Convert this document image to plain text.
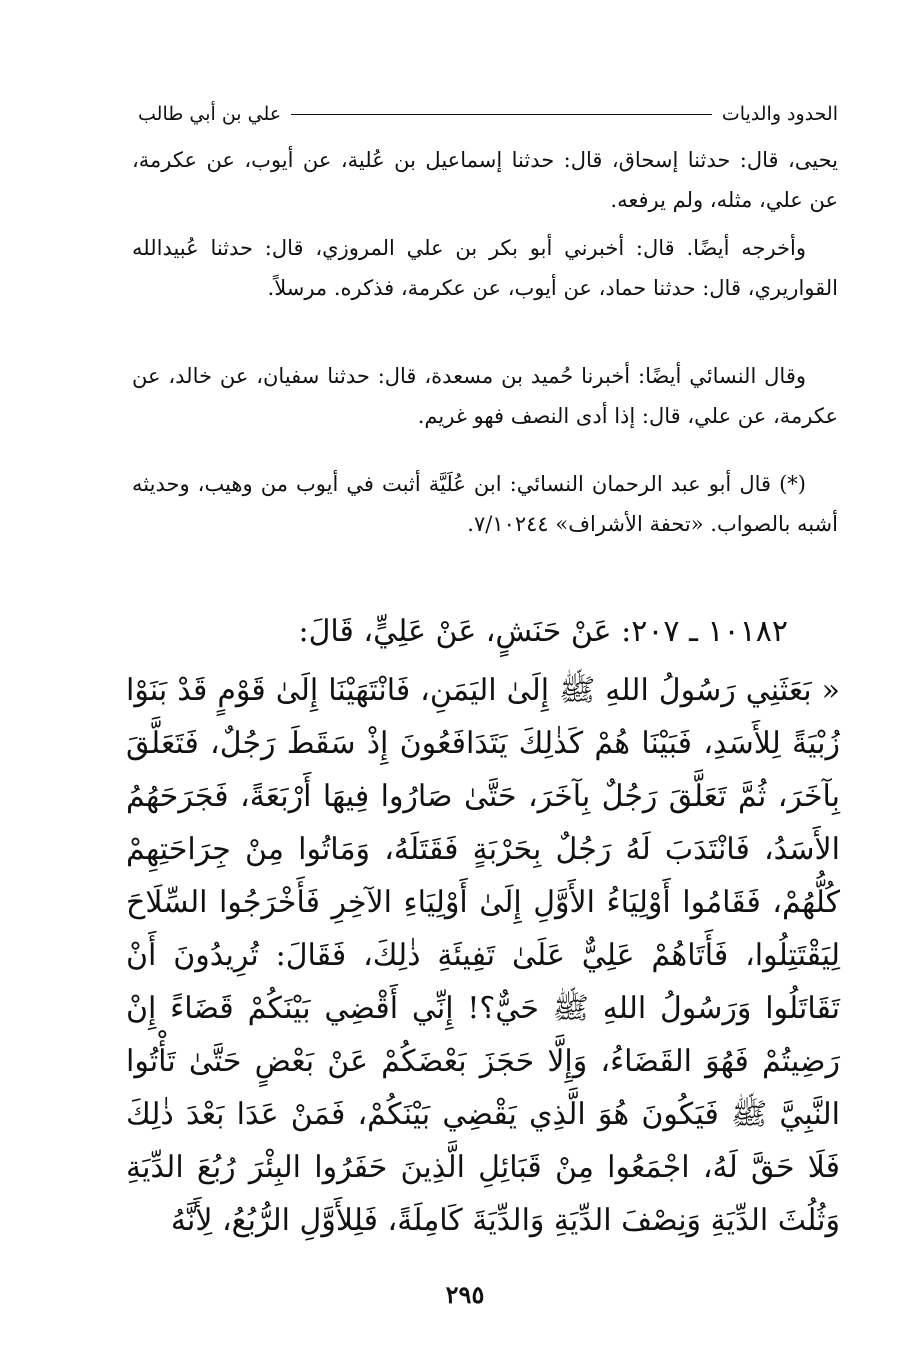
الحدود والديات
علي بن أبي طالب

يحيى، قال: حدثنا إسحاق، قال: حدثنا إسماعيل بن عُلية، عن أيوب، عن عكرمة، عن علي، مثله، ولم يرفعه.

وأخرجه أيضًا. قال: أخبرني أبو بكر بن علي المروزي، قال: حدثنا عُبيدالله القواريري، قال: حدثنا حماد، عن أيوب، عن عكرمة، فذكره. مرسلاً.

وقال النسائي أيضًا: أخبرنا حُميد بن مسعدة، قال: حدثنا سفيان، عن خالد، عن عكرمة، عن علي، قال: إذا أدى النصف فهو غريم.

(*) قال أبو عبد الرحمان النسائي: ابن عُلَيَّة أثبت في أيوب من وهيب، وحديثه أشبه بالصواب. «تحفة الأشراف» ٧/١٠٢٤٤.

١٠١٨٢ ـ ٢٠٧: عَنْ حَنَشٍ، عَنْ عَلِيٍّ، قَالَ:

« بَعَثَنِي رَسُولُ اللهِ ﷺ إِلَىٰ اليَمَنِ، فَانْتَهَيْنَا إِلَىٰ قَوْمٍ قَدْ بَنَوْا زُبْيَةً لِلأَسَدِ، فَبَيْنَا هُمْ كَذٰلِكَ يَتَدَافَعُونَ إِذْ سَقَطَ رَجُلٌ، فَتَعَلَّقَ بِآخَرَ، ثُمَّ تَعَلَّقَ رَجُلٌ بِآخَرَ، حَتَّىٰ صَارُوا فِيهَا أَرْبَعَةً، فَجَرَحَهُمُ الأَسَدُ، فَانْتَدَبَ لَهُ رَجُلٌ بِحَرْبَةٍ فَقَتَلَهُ، وَمَاتُوا مِنْ جِرَاحَتِهِمْ كُلُّهُمْ، فَقَامُوا أَوْلِيَاءُ الأَوَّلِ إِلَىٰ أَوْلِيَاءِ الآخِرِ فَأَخْرَجُوا السِّلَاحَ لِيَقْتَتِلُوا، فَأَتَاهُمْ عَلِيٌّ عَلَىٰ تَفِيئَةِ ذٰلِكَ، فَقَالَ: تُرِيدُونَ أَنْ تَقَاتَلُوا وَرَسُولُ اللهِ ﷺ حَيٌّ؟! إِنِّي أَقْضِي بَيْنَكُمْ قَضَاءً إِنْ رَضِيتُمْ فَهُوَ القَضَاءُ، وَإِلَّا حَجَزَ بَعْضَكُمْ عَنْ بَعْضٍ حَتَّىٰ تَأْتُوا النَّبِيَّ ﷺ فَيَكُونَ هُوَ الَّذِي يَقْضِي بَيْنَكُمْ، فَمَنْ عَدَا بَعْدَ ذٰلِكَ فَلَا حَقَّ لَهُ، اجْمَعُوا مِنْ قَبَائِلِ الَّذِينَ حَفَرُوا البِئْرَ رُبُعَ الدِّيَةِ وَثُلُثَ الدِّيَةِ وَنِصْفَ الدِّيَةِ وَالدِّيَةَ كَامِلَةً، فَلِلأَوَّلِ الرُّبُعُ، لِأَنَّهُ

٢٩٥
